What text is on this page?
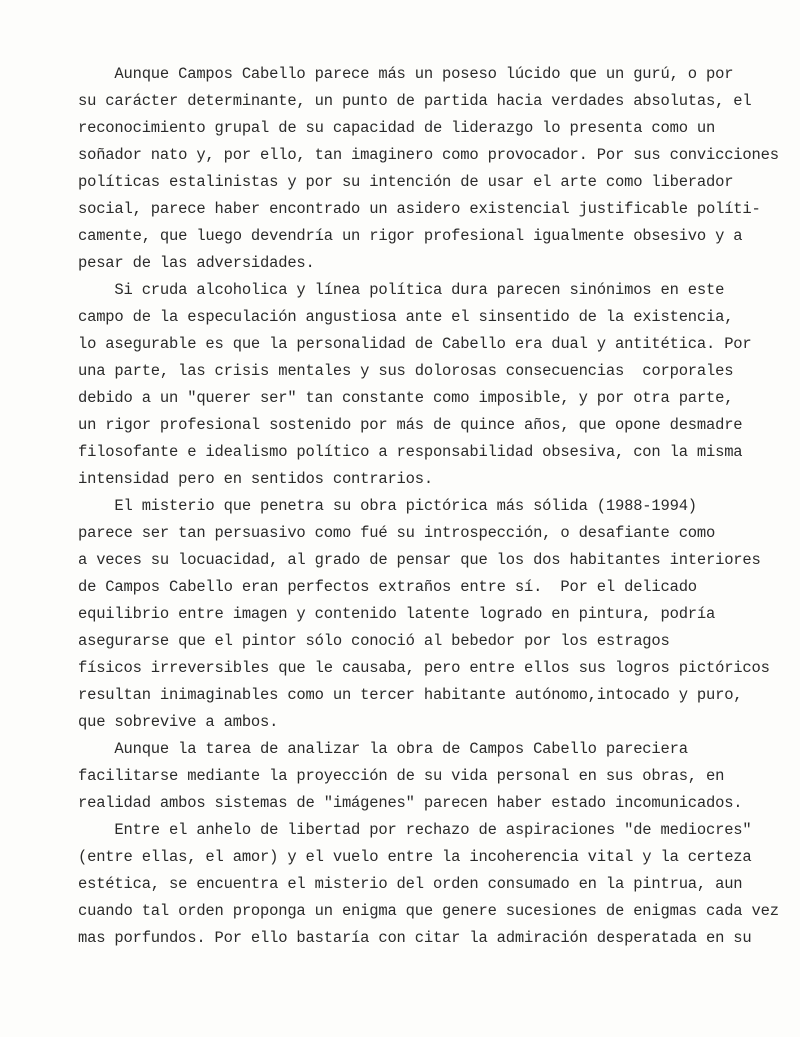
Aunque Campos Cabello parece más un poseso lúcido que un gurú, o por
su carácter determinante, un punto de partida hacia verdades absolutas, el
reconocimiento grupal de su capacidad de liderazgo lo presenta como un
soñador nato y, por ello, tan imaginero como provocador. Por sus convicciones
políticas estalinistas y por su intención de usar el arte como liberador
social, parece haber encontrado un asidero existencial justificable políti-
camente, que luego devendría un rigor profesional igualmente obsesivo y a
pesar de las adversidades.
Si cruda alcoholica y línea política dura parecen sinónimos en este
campo de la especulación angustiosa ante el sinsentido de la existencia,
lo asegurable es que la personalidad de Cabello era dual y antitética. Por
una parte, las crisis mentales y sus dolorosas consecuencias  corporales
debido a un "querer ser" tan constante como imposible, y por otra parte,
un rigor profesional sostenido por más de quince años, que opone desmadre
filosofante e idealismo político a responsabilidad obsesiva, con la misma
intensidad pero en sentidos contrarios.
El misterio que penetra su obra pictórica más sólida (1988-1994)
parece ser tan persuasivo como fué su introspección, o desafiante como
a veces su locuacidad, al grado de pensar que los dos habitantes interiores
de Campos Cabello eran perfectos extraños entre sí.  Por el delicado
equilibrio entre imagen y contenido latente logrado en pintura, podría
asegurarse que el pintor sólo conoció al bebedor por los estragos
físicos irreversibles que le causaba, pero entre ellos sus logros pictóricos
resultan inimaginables como un tercer habitante autónomo,intocado y puro,
que sobrevive a ambos.
Aunque la tarea de analizar la obra de Campos Cabello pareciera
facilitarse mediante la proyección de su vida personal en sus obras, en
realidad ambos sistemas de "imágenes" parecen haber estado incomunicados.
Entre el anhelo de libertad por rechazo de aspiraciones "de mediocres"
(entre ellas, el amor) y el vuelo entre la incoherencia vital y la certeza
estética, se encuentra el misterio del orden consumado en la pintrua, aun
cuando tal orden proponga un enigma que genere sucesiones de enigmas cada vez
mas porfundos. Por ello bastaría con citar la admiración desperatada en su
